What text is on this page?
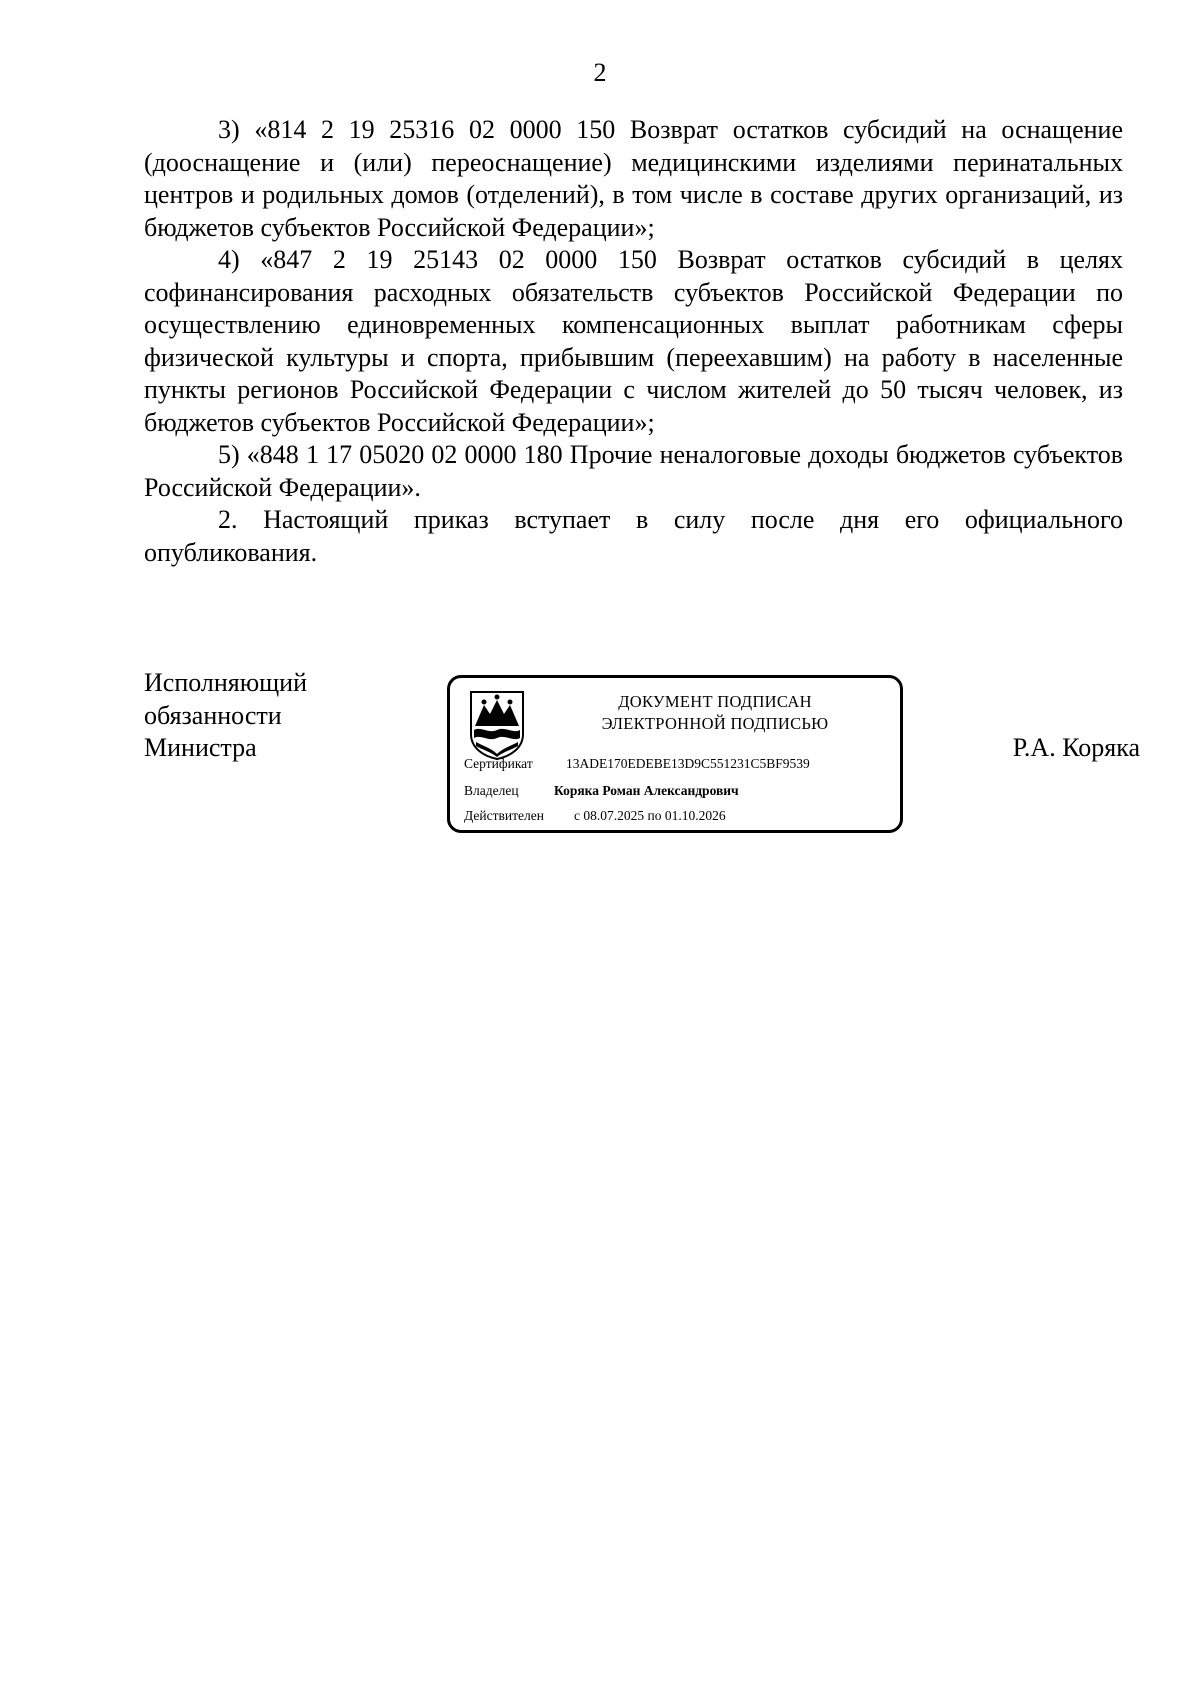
2

3) «814 2 19 25316 02 0000 150 Возврат остатков субсидий на оснащение (дооснащение и (или) переоснащение) медицинскими изделиями перинатальных центров и родильных домов (отделений), в том числе в составе других организаций, из бюджетов субъектов Российской Федерации»;

4) «847 2 19 25143 02 0000 150 Возврат остатков субсидий в целях софинансирования расходных обязательств субъектов Российской Федерации по осуществлению единовременных компенсационных выплат работникам сферы физической культуры и спорта, прибывшим (переехавшим) на работу в населенные пункты регионов Российской Федерации с числом жителей до 50 тысяч человек, из бюджетов субъектов Российской Федерации»;

5) «848 1 17 05020 02 0000 180 Прочие неналоговые доходы бюджетов субъектов Российской Федерации».

2. Настоящий приказ вступает в силу после дня его официального опубликования.

Исполняющий
обязанности
Министра
ДОКУМЕНТ ПОДПИСАН
ЭЛЕКТРОННОЙ ПОДПИСЬЮ
Сертификат 13ADE170EDEBE13D9C551231C5BF9539
Владелец	Коряка Роман Александрович
Действителен с 08.07.2025 по 01.10.2026
Р.А. Коряка
